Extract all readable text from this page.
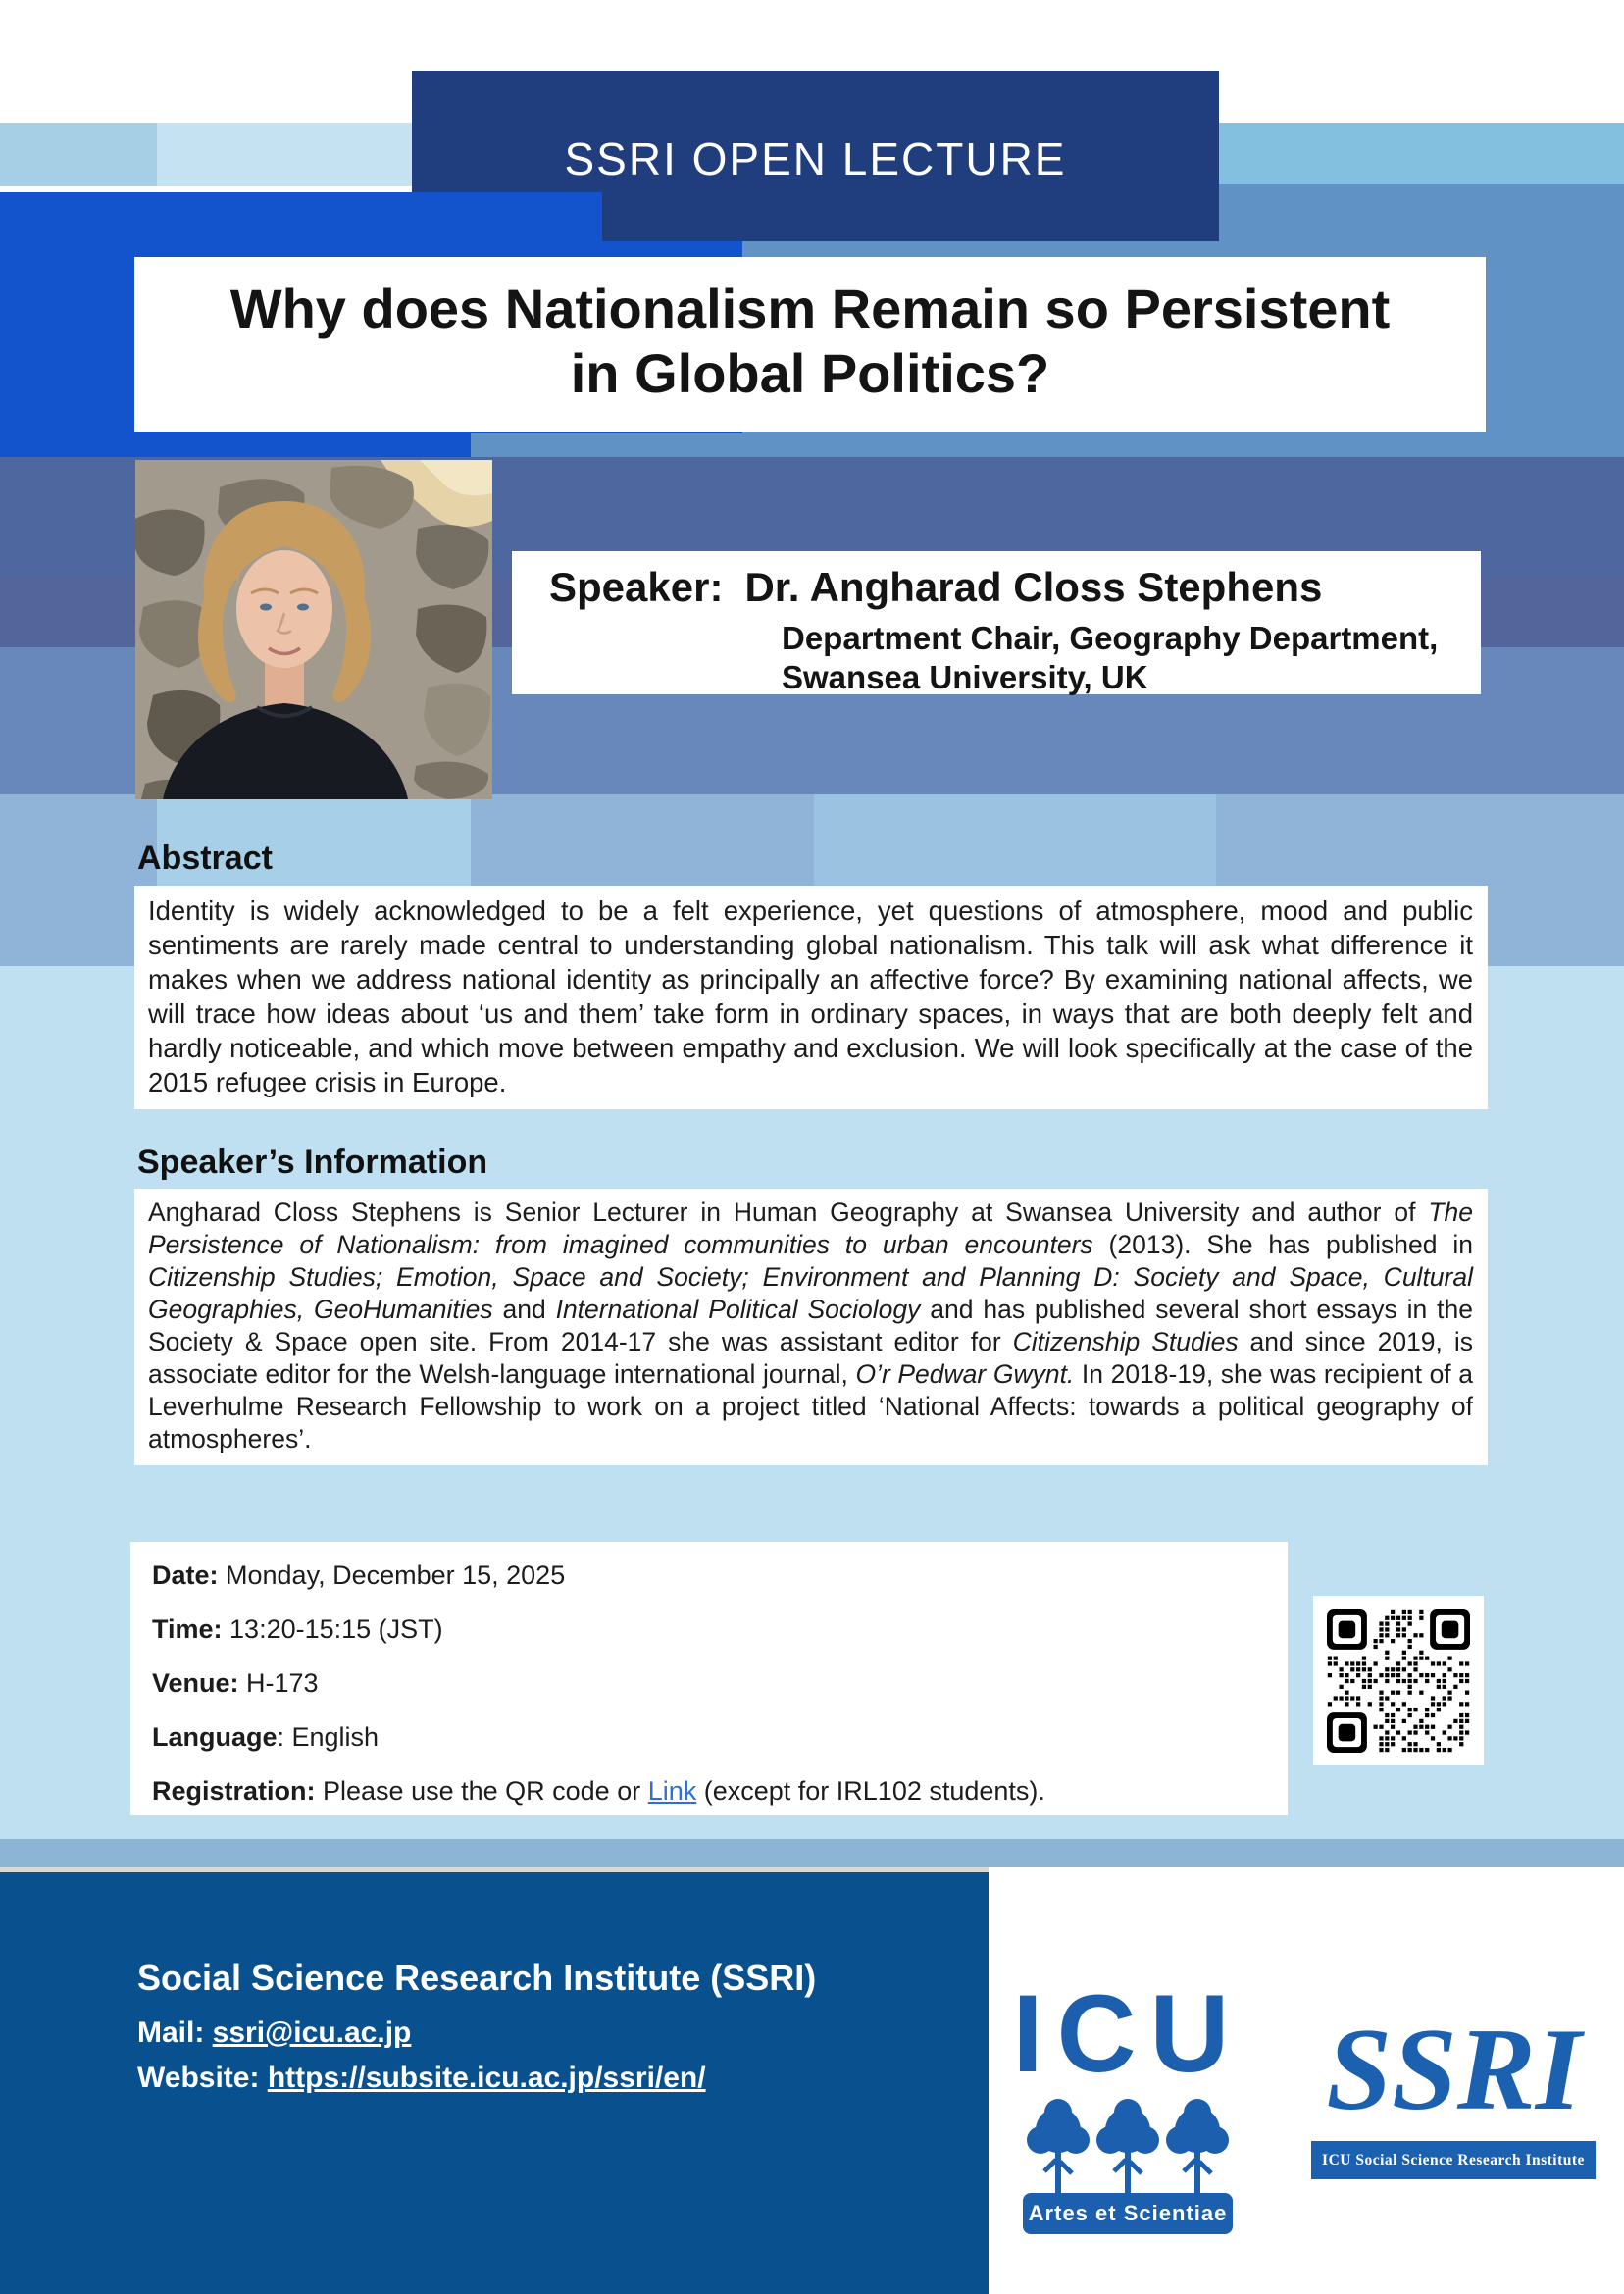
SSRI OPEN LECTURE
Why does Nationalism Remain so Persistent
in Global Politics?
Speaker: Dr. Angharad Closs Stephens
Department Chair, Geography Department,
Swansea University, UK
Abstract
Identity is widely acknowledged to be a felt experience, yet questions of atmosphere, mood and public sentiments are rarely made central to understanding global nationalism. This talk will ask what difference it makes when we address national identity as principally an affective force? By examining national affects, we will trace how ideas about ‘us and them’ take form in ordinary spaces, in ways that are both deeply felt and hardly noticeable, and which move between empathy and exclusion. We will look specifically at the case of the 2015 refugee crisis in Europe.
Speaker’s Information
Angharad Closs Stephens is Senior Lecturer in Human Geography at Swansea University and author of The Persistence of Nationalism: from imagined communities to urban encounters (2013). She has published in Citizenship Studies; Emotion, Space and Society; Environment and Planning D: Society and Space, Cultural Geographies, GeoHumanities and International Political Sociology and has published several short essays in the Society & Space open site. From 2014-17 she was assistant editor for Citizenship Studies and since 2019, is associate editor for the Welsh-language international journal, O’r Pedwar Gwynt. In 2018-19, she was recipient of a Leverhulme Research Fellowship to work on a project titled ‘National Affects: towards a political geography of atmospheres’.
Date: Monday, December 15, 2025
Time: 13:20-15:15 (JST)
Venue: H-173
Language: English
Registration: Please use the QR code or Link (except for IRL102 students).
Social Science Research Institute (SSRI)
Mail: ssri@icu.ac.jp
Website: https://subsite.icu.ac.jp/ssri/en/	ICU
Artes et Scientiae
SSRI
ICU Social Science Research Institute
